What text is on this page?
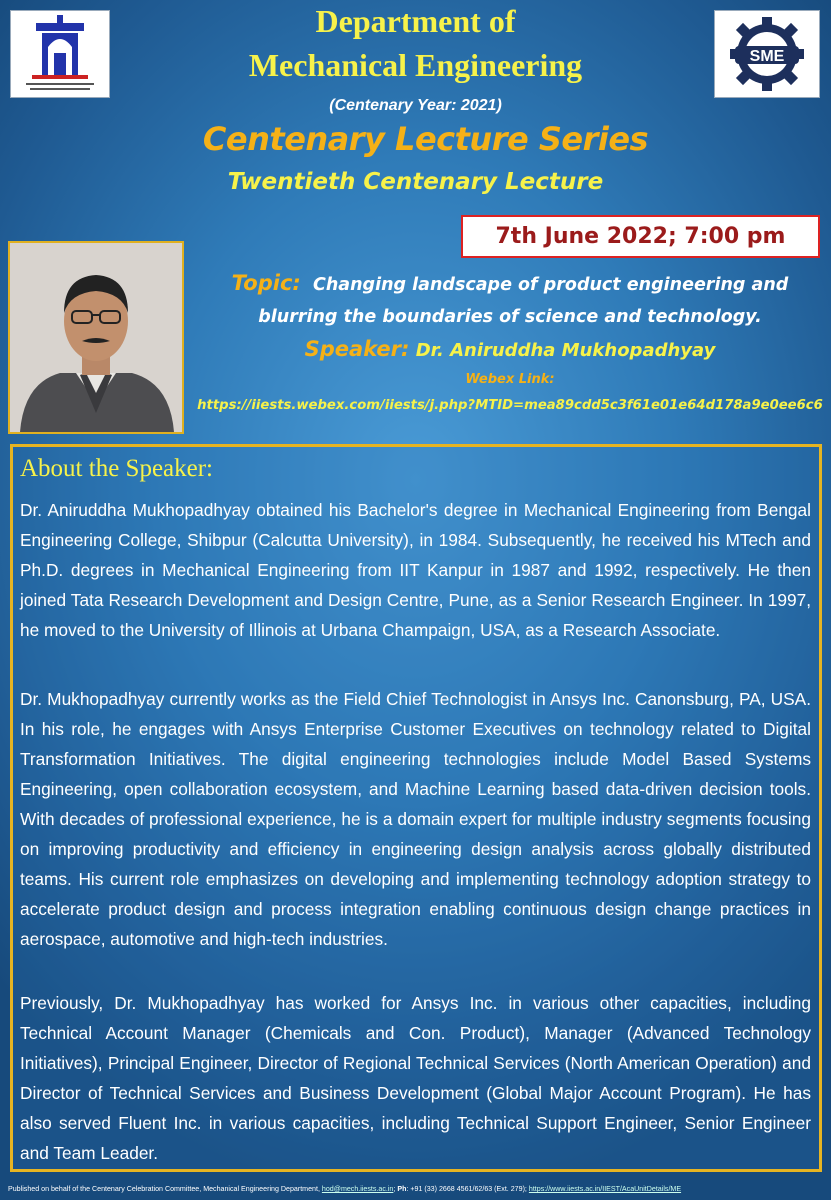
SME
Department of
Mechanical Engineering
(Centenary Year: 2021)
Centenary Lecture Series
Twentieth Centenary Lecture
7th June 2022; 7:00 pm
Topic: Changing landscape of product engineering and blurring the boundaries of science and technology.
Speaker: Dr. Aniruddha Mukhopadhyay
Webex Link:
https://iiests.webex.com/iiests/j.php?MTID=mea89cdd5c3f61e01e64d178a9e0ee6c6
About the Speaker:
Dr. Aniruddha Mukhopadhyay obtained his Bachelor's degree in Mechanical Engineering from Bengal Engineering College, Shibpur (Calcutta University), in 1984. Subsequently, he received his MTech and Ph.D. degrees in Mechanical Engineering from IIT Kanpur in 1987 and 1992, respectively. He then joined Tata Research Development and Design Centre, Pune, as a Senior Research Engineer. In 1997, he moved to the University of Illinois at Urbana Champaign, USA, as a Research Associate.
Dr. Mukhopadhyay currently works as the Field Chief Technologist in Ansys Inc. Canonsburg, PA, USA. In his role, he engages with Ansys Enterprise Customer Executives on technology related to Digital Transformation Initiatives. The digital engineering technologies include Model Based Systems Engineering, open collaboration ecosystem, and Machine Learning based data-driven decision tools. With decades of professional experience, he is a domain expert for multiple industry segments focusing on improving productivity and efficiency in engineering design analysis across globally distributed teams. His current role emphasizes on developing and implementing technology adoption strategy to accelerate product design and process integration enabling continuous design change practices in aerospace, automotive and high-tech industries.
Previously, Dr. Mukhopadhyay has worked for Ansys Inc. in various other capacities, including Technical Account Manager (Chemicals and Con. Product), Manager (Advanced Technology Initiatives), Principal Engineer, Director of Regional Technical Services (North American Operation) and Director of Technical Services and Business Development (Global Major Account Program). He has also served Fluent Inc. in various capacities, including Technical Support Engineer, Senior Engineer and Team Leader.
Published on behalf of the Centenary Celebration Committee, Mechanical Engineering Department, hod@mech.iiests.ac.in; Ph: +91 (33) 2668 4561/62/63 (Ext. 279); https://www.iiests.ac.in/IIEST/AcaUnitDetails/ME
